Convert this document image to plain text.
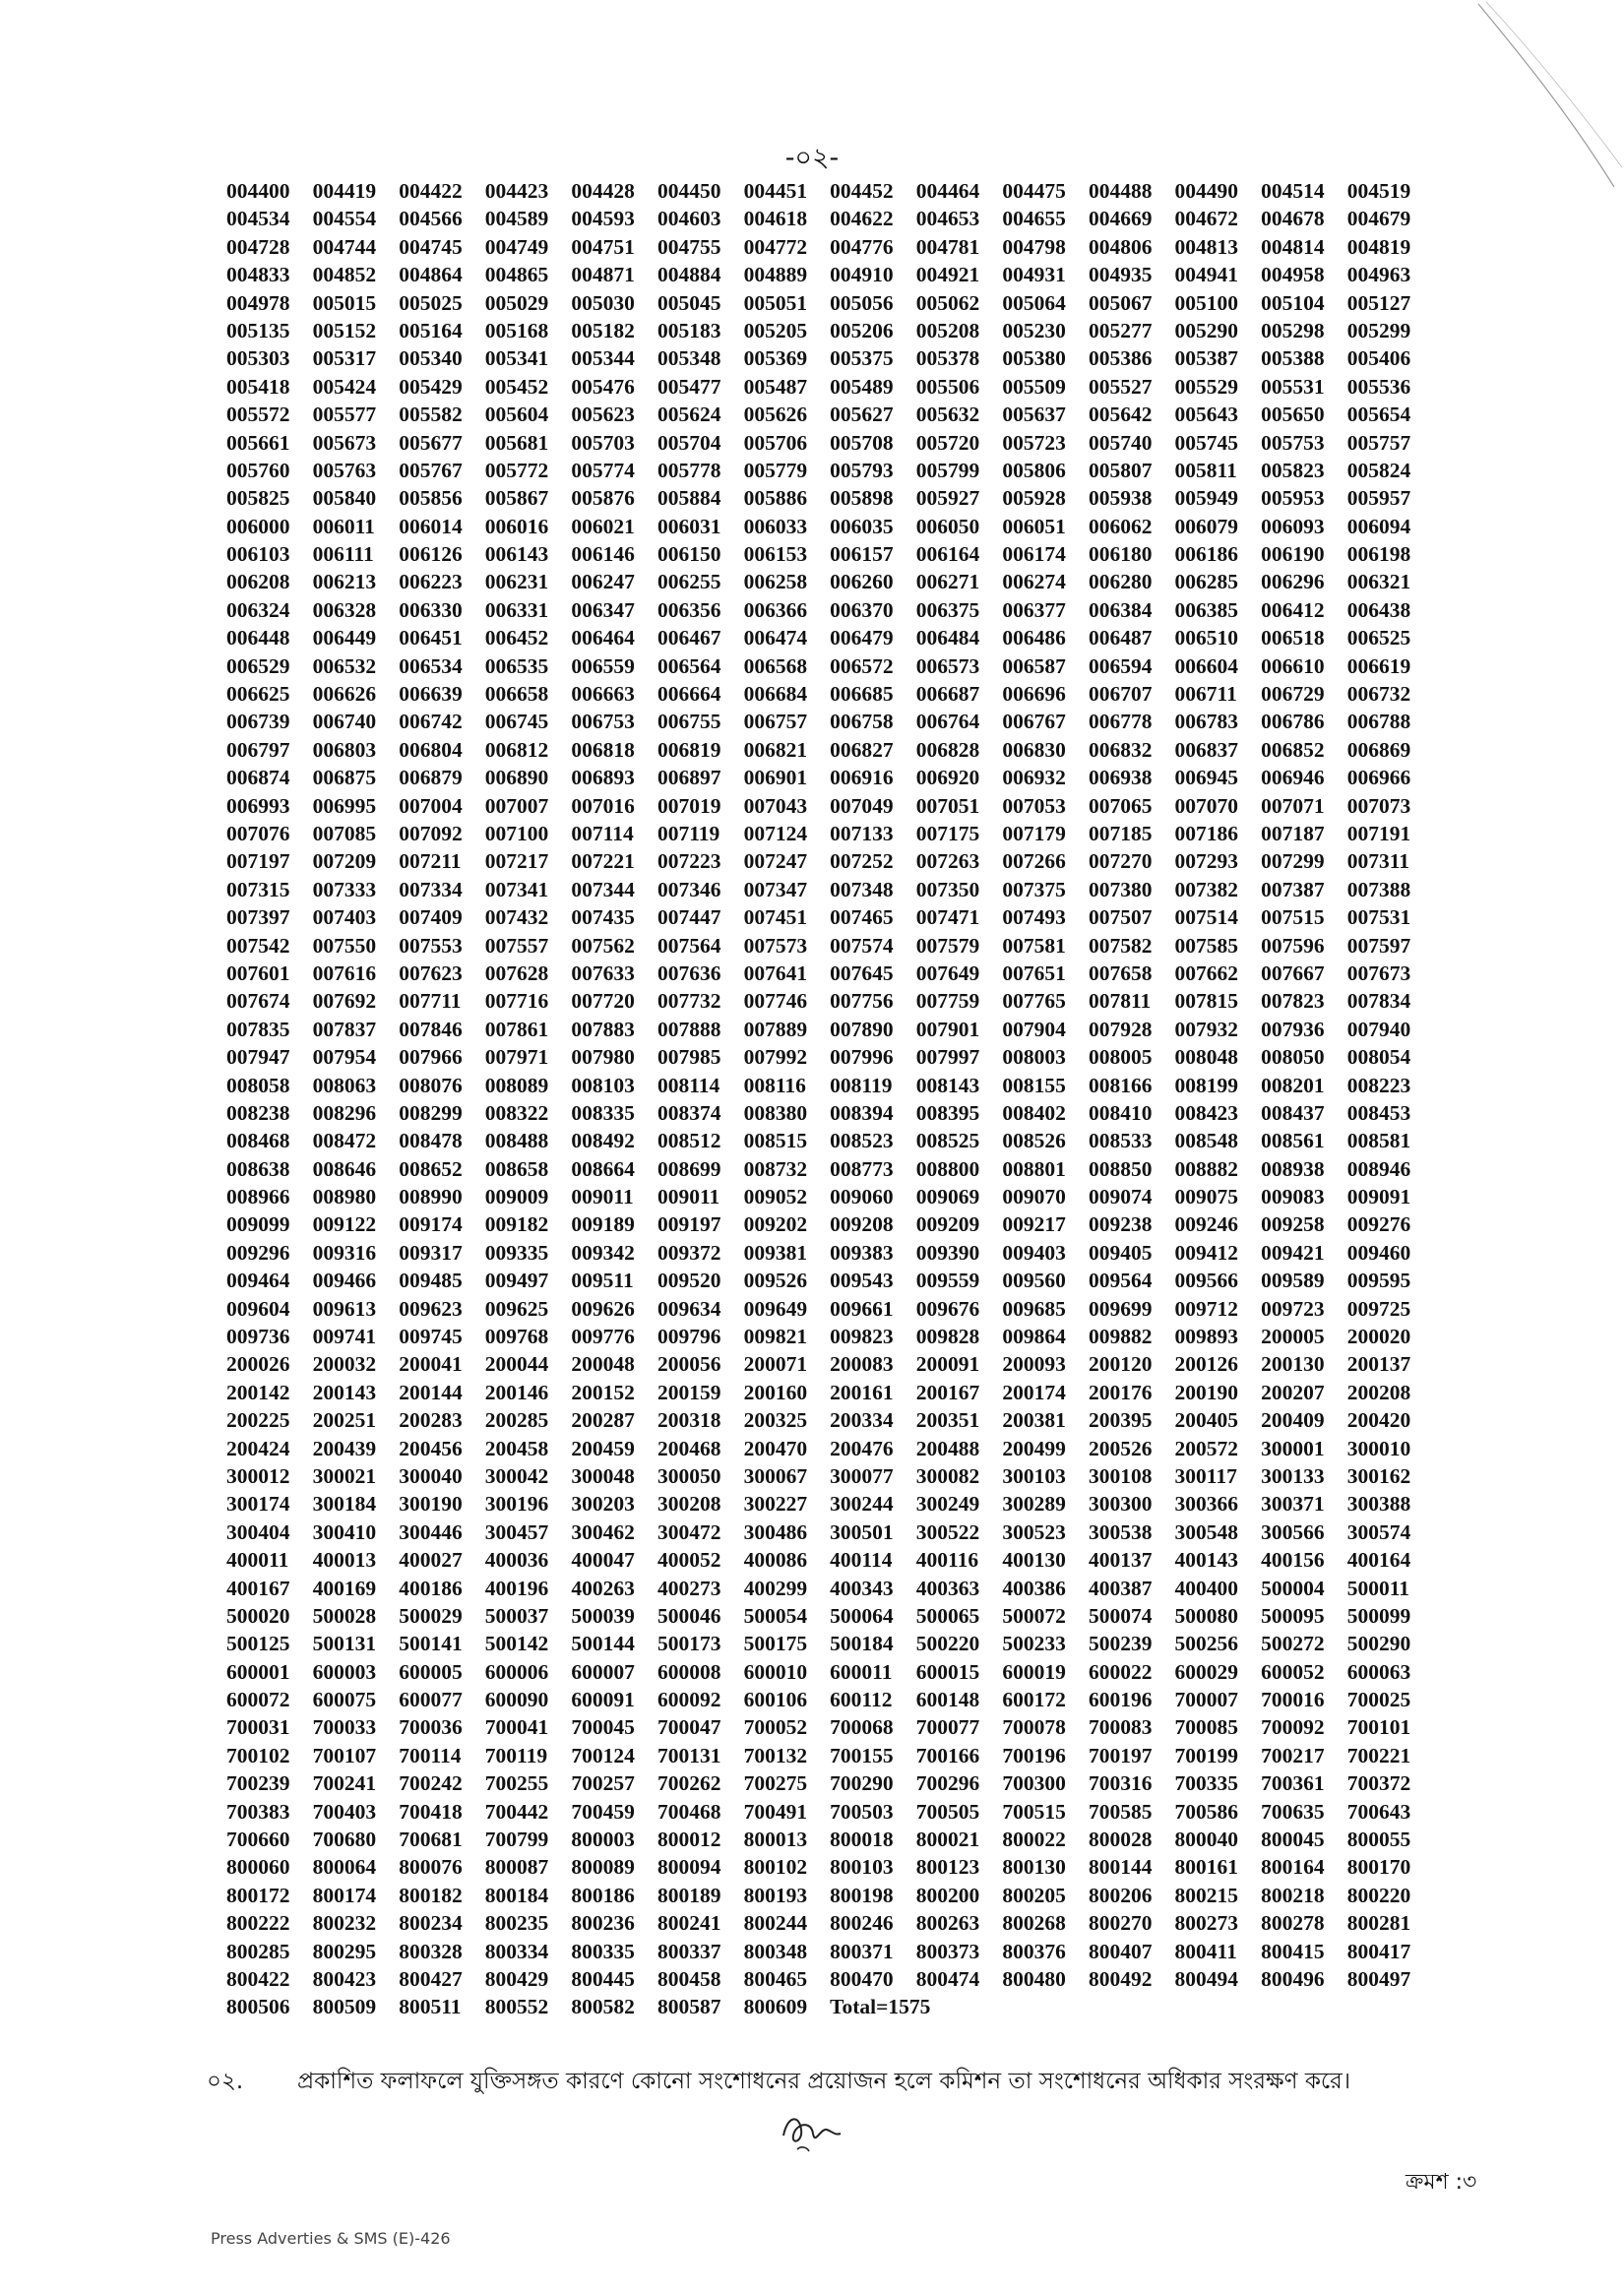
-০২-
004400 004419 004422 004423 004428 004450 004451 004452 004464 004475 004488 004490 004514 004519
004534 004554 004566 004589 004593 004603 004618 004622 004653 004655 004669 004672 004678 004679
004728 004744 004745 004749 004751 004755 004772 004776 004781 004798 004806 004813 004814 004819
004833 004852 004864 004865 004871 004884 004889 004910 004921 004931 004935 004941 004958 004963
004978 005015 005025 005029 005030 005045 005051 005056 005062 005064 005067 005100 005104 005127
005135 005152 005164 005168 005182 005183 005205 005206 005208 005230 005277 005290 005298 005299
005303 005317 005340 005341 005344 005348 005369 005375 005378 005380 005386 005387 005388 005406
005418 005424 005429 005452 005476 005477 005487 005489 005506 005509 005527 005529 005531 005536
005572 005577 005582 005604 005623 005624 005626 005627 005632 005637 005642 005643 005650 005654
005661 005673 005677 005681 005703 005704 005706 005708 005720 005723 005740 005745 005753 005757
005760 005763 005767 005772 005774 005778 005779 005793 005799 005806 005807 005811 005823 005824
005825 005840 005856 005867 005876 005884 005886 005898 005927 005928 005938 005949 005953 005957
006000 006011 006014 006016 006021 006031 006033 006035 006050 006051 006062 006079 006093 006094
006103 006111 006126 006143 006146 006150 006153 006157 006164 006174 006180 006186 006190 006198
006208 006213 006223 006231 006247 006255 006258 006260 006271 006274 006280 006285 006296 006321
006324 006328 006330 006331 006347 006356 006366 006370 006375 006377 006384 006385 006412 006438
006448 006449 006451 006452 006464 006467 006474 006479 006484 006486 006487 006510 006518 006525
006529 006532 006534 006535 006559 006564 006568 006572 006573 006587 006594 006604 006610 006619
006625 006626 006639 006658 006663 006664 006684 006685 006687 006696 006707 006711 006729 006732
006739 006740 006742 006745 006753 006755 006757 006758 006764 006767 006778 006783 006786 006788
006797 006803 006804 006812 006818 006819 006821 006827 006828 006830 006832 006837 006852 006869
006874 006875 006879 006890 006893 006897 006901 006916 006920 006932 006938 006945 006946 006966
006993 006995 007004 007007 007016 007019 007043 007049 007051 007053 007065 007070 007071 007073
007076 007085 007092 007100 007114 007119 007124 007133 007175 007179 007185 007186 007187 007191
007197 007209 007211 007217 007221 007223 007247 007252 007263 007266 007270 007293 007299 007311
007315 007333 007334 007341 007344 007346 007347 007348 007350 007375 007380 007382 007387 007388
007397 007403 007409 007432 007435 007447 007451 007465 007471 007493 007507 007514 007515 007531
007542 007550 007553 007557 007562 007564 007573 007574 007579 007581 007582 007585 007596 007597
007601 007616 007623 007628 007633 007636 007641 007645 007649 007651 007658 007662 007667 007673
007674 007692 007711 007716 007720 007732 007746 007756 007759 007765 007811 007815 007823 007834
007835 007837 007846 007861 007883 007888 007889 007890 007901 007904 007928 007932 007936 007940
007947 007954 007966 007971 007980 007985 007992 007996 007997 008003 008005 008048 008050 008054
008058 008063 008076 008089 008103 008114 008116 008119 008143 008155 008166 008199 008201 008223
008238 008296 008299 008322 008335 008374 008380 008394 008395 008402 008410 008423 008437 008453
008468 008472 008478 008488 008492 008512 008515 008523 008525 008526 008533 008548 008561 008581
008638 008646 008652 008658 008664 008699 008732 008773 008800 008801 008850 008882 008938 008946
008966 008980 008990 009009 009011 009011 009052 009060 009069 009070 009074 009075 009083 009091
009099 009122 009174 009182 009189 009197 009202 009208 009209 009217 009238 009246 009258 009276
009296 009316 009317 009335 009342 009372 009381 009383 009390 009403 009405 009412 009421 009460
009464 009466 009485 009497 009511 009520 009526 009543 009559 009560 009564 009566 009589 009595
009604 009613 009623 009625 009626 009634 009649 009661 009676 009685 009699 009712 009723 009725
009736 009741 009745 009768 009776 009796 009821 009823 009828 009864 009882 009893 200005 200020
200026 200032 200041 200044 200048 200056 200071 200083 200091 200093 200120 200126 200130 200137
200142 200143 200144 200146 200152 200159 200160 200161 200167 200174 200176 200190 200207 200208
200225 200251 200283 200285 200287 200318 200325 200334 200351 200381 200395 200405 200409 200420
200424 200439 200456 200458 200459 200468 200470 200476 200488 200499 200526 200572 300001 300010
300012 300021 300040 300042 300048 300050 300067 300077 300082 300103 300108 300117 300133 300162
300174 300184 300190 300196 300203 300208 300227 300244 300249 300289 300300 300366 300371 300388
300404 300410 300446 300457 300462 300472 300486 300501 300522 300523 300538 300548 300566 300574
400011 400013 400027 400036 400047 400052 400086 400114 400116 400130 400137 400143 400156 400164
400167 400169 400186 400196 400263 400273 400299 400343 400363 400386 400387 400400 500004 500011
500020 500028 500029 500037 500039 500046 500054 500064 500065 500072 500074 500080 500095 500099
500125 500131 500141 500142 500144 500173 500175 500184 500220 500233 500239 500256 500272 500290
600001 600003 600005 600006 600007 600008 600010 600011 600015 600019 600022 600029 600052 600063
600072 600075 600077 600090 600091 600092 600106 600112 600148 600172 600196 700007 700016 700025
700031 700033 700036 700041 700045 700047 700052 700068 700077 700078 700083 700085 700092 700101
700102 700107 700114 700119 700124 700131 700132 700155 700166 700196 700197 700199 700217 700221
700239 700241 700242 700255 700257 700262 700275 700290 700296 700300 700316 700335 700361 700372
700383 700403 700418 700442 700459 700468 700491 700503 700505 700515 700585 700586 700635 700643
700660 700680 700681 700799 800003 800012 800013 800018 800021 800022 800028 800040 800045 800055
800060 800064 800076 800087 800089 800094 800102 800103 800123 800130 800144 800161 800164 800170
800172 800174 800182 800184 800186 800189 800193 800198 800200 800205 800206 800215 800218 800220
800222 800232 800234 800235 800236 800241 800244 800246 800263 800268 800270 800273 800278 800281
800285 800295 800328 800334 800335 800337 800348 800371 800373 800376 800407 800411 800415 800417
800422 800423 800427 800429 800445 800458 800465 800470 800474 800480 800492 800494 800496 800497
800506 800509 800511 800552 800582 800587 800609 Total=1575
০২. প্রকাশিত ফলাফলে যুক্তিসঙ্গত কারণে কোনো সংশোধনের প্রয়োজন হলে কমিশন তা সংশোধনের অধিকার সংরক্ষণ করে।
ক্রমশ :৩
Press Adverties & SMS (E)-426
